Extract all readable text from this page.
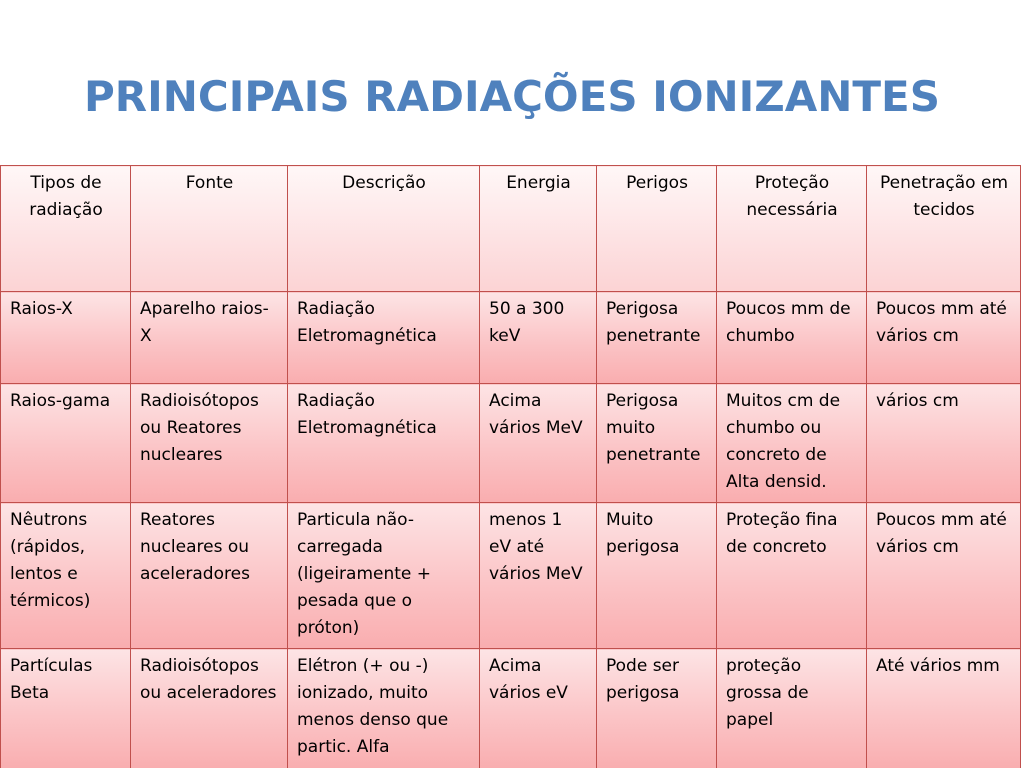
PRINCIPAIS RADIAÇÕES IONIZANTES
Tipos de radiação	Fonte	Descrição	Energia	Perigos	Proteção necessária	Penetração em tecidos
Raios-X	Aparelho raios-X	Radiação Eletromagnética	50 a 300 keV	Perigosa penetrante	Poucos mm de chumbo	Poucos mm até vários cm
Raios-gama	Radioisótopos ou Reatores nucleares	Radiação Eletromagnética	Acima vários MeV	Perigosa muito penetrante	Muitos cm de chumbo ou concreto de Alta densid.	vários cm
Nêutrons (rápidos, lentos e térmicos)	Reatores nucleares ou aceleradores	Particula não-carregada (ligeiramente + pesada que o próton)	menos 1 eV até vários MeV	Muito perigosa	Proteção fina de concreto	Poucos mm até vários cm
Partículas Beta	Radioisótopos ou aceleradores	Elétron (+ ou -) ionizado, muito menos denso que partic. Alfa	Acima vários eV	Pode ser perigosa	proteção grossa de papel	Até vários mm
